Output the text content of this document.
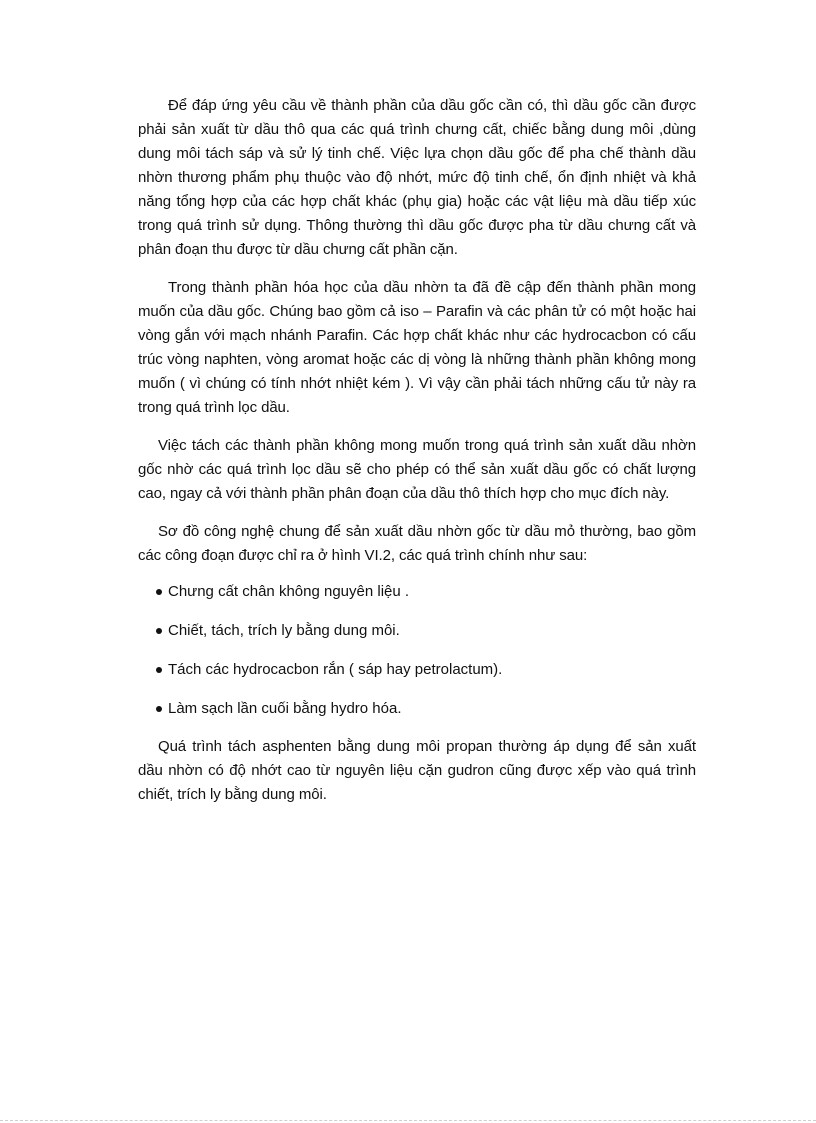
Để đáp ứng yêu cầu về thành phần của dầu gốc cần có, thì dầu gốc cần được phải sản xuất từ dầu thô qua các quá trình chưng cất, chiếc bằng dung môi ,dùng dung môi tách sáp và sử lý tinh chế. Việc lựa chọn dầu gốc để pha chế thành dầu nhờn thương phẩm phụ thuộc vào độ nhớt, mức độ tinh chế, ổn định nhiệt và khả năng tổng hợp của các hợp chất khác (phụ gia) hoặc các vật liệu mà dầu tiếp xúc trong quá trình sử dụng. Thông thường thì dầu gốc được pha từ dầu chưng cất và phân đoạn thu được từ dầu chưng cất phần cặn.

Trong thành phần hóa học của dầu nhờn ta đã đề cập đến thành phần mong muốn của dầu gốc. Chúng bao gồm cả iso – Parafin và các phân tử có một hoặc hai vòng gắn với mạch nhánh Parafin. Các hợp chất khác như các hydrocacbon có cấu trúc vòng naphten, vòng aromat hoặc các dị vòng là những thành phần không mong muốn ( vì chúng có tính nhớt nhiệt kém ). Vì vậy cần phải tách những cấu tử này ra trong quá trình lọc dầu.

Việc tách các thành phần không mong muốn trong quá trình sản xuất dầu nhờn gốc nhờ các quá trình lọc dầu sẽ cho phép có thể sản xuất dầu gốc có chất lượng cao, ngay cả với thành phần phân đoạn của dầu thô thích hợp cho mục đích này.

Sơ đồ công nghệ chung để sản xuất dầu nhờn gốc từ dầu mỏ thường, bao gồm các công đoạn được chỉ ra ở hình VI.2, các quá trình chính như sau:

Chưng cất chân không nguyên liệu .
Chiết, tách, trích ly bằng dung môi.
Tách các hydrocacbon rắn ( sáp hay petrolactum).
Làm sạch lần cuối bằng hydro hóa.

Quá trình tách asphenten bằng dung môi propan thường áp dụng để sản xuất dầu nhờn có độ nhớt cao từ nguyên liệu cặn gudron cũng được xếp vào quá trình chiết, trích ly bằng dung môi.
